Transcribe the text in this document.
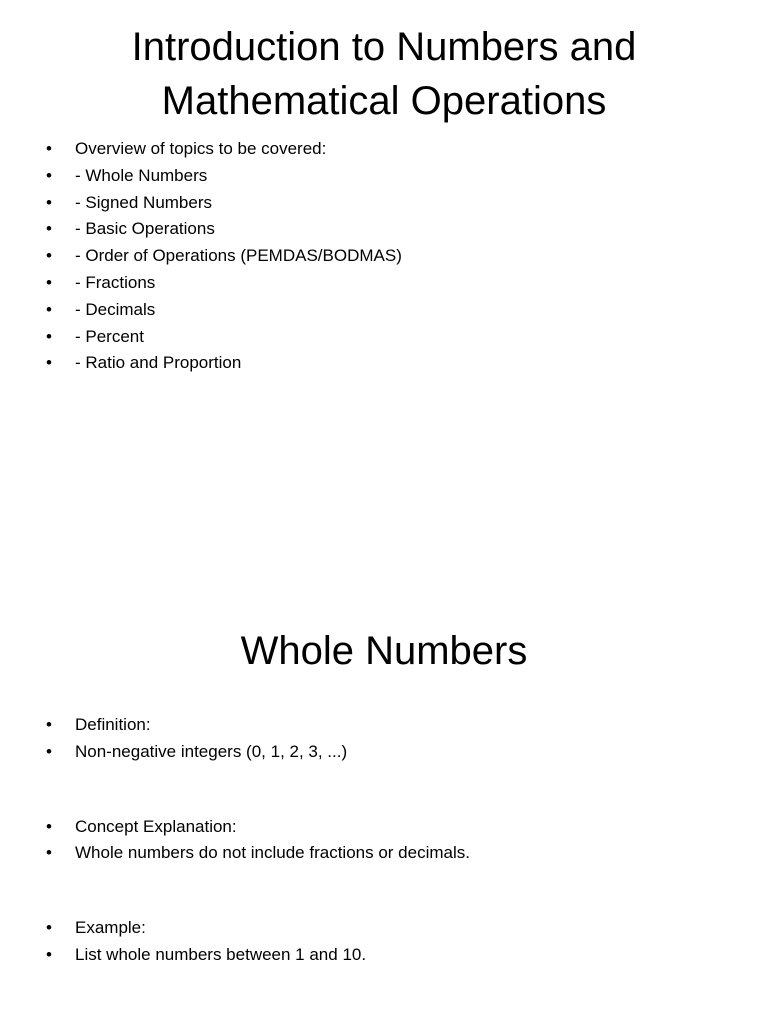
Introduction to Numbers and Mathematical Operations
• Overview of topics to be covered:
• - Whole Numbers
• - Signed Numbers
• - Basic Operations
• - Order of Operations (PEMDAS/BODMAS)
• - Fractions
• - Decimals
• - Percent
• - Ratio and Proportion
Whole Numbers
• Definition:
• Non-negative integers (0, 1, 2, 3, ...)
• Concept Explanation:
• Whole numbers do not include fractions or decimals.
• Example:
• List whole numbers between 1 and 10.
